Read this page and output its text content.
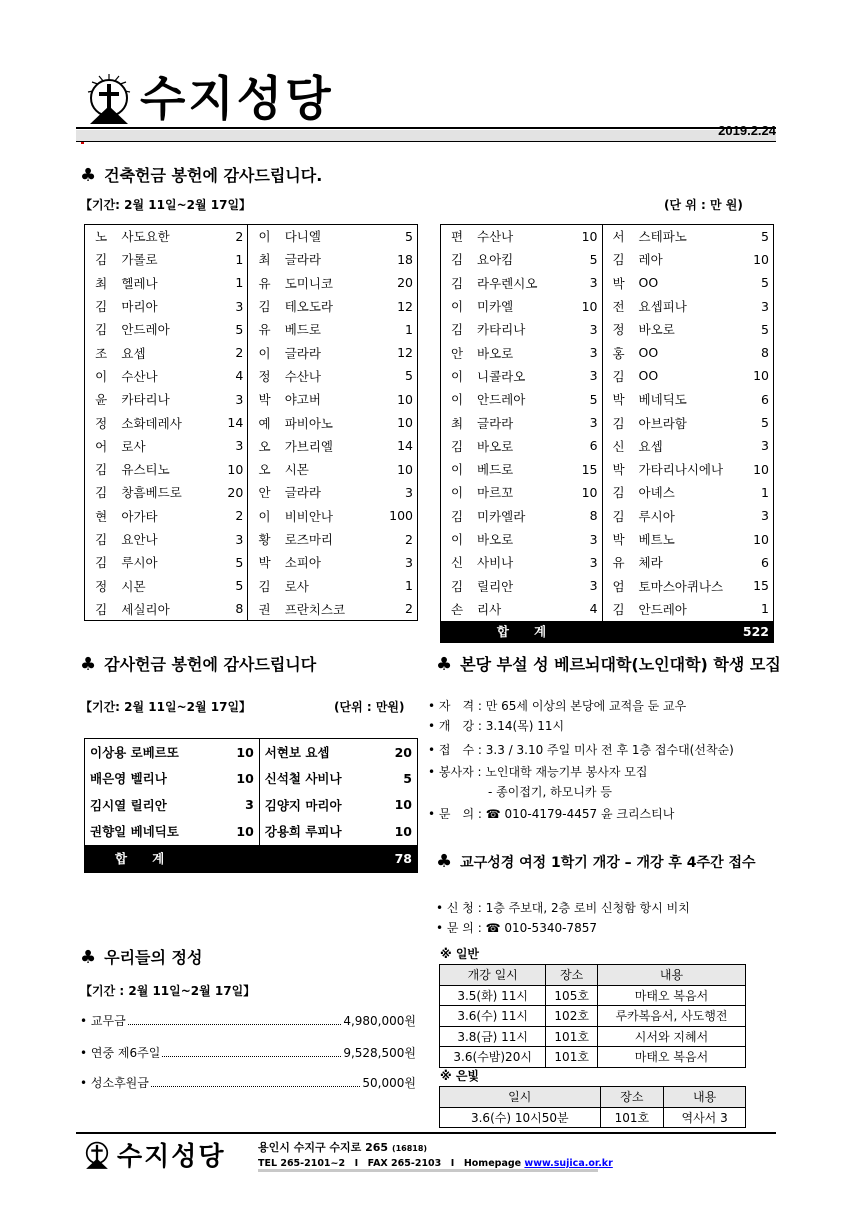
수지성당
2019.2.24
♣ 건축헌금 봉헌에 감사드립니다.
【기간: 2월 11일~2월 17일】	(단 위 : 만 원)
노	사도요한	2	이	다니엘	5
김	가롤로	1	최	글라라	18
최	헬레나	1	유	도미니코	20
김	마리아	3	김	테오도라	12
김	안드레아	5	유	베드로	1
조	요셉	2	이	글라라	12
이	수산나	4	정	수산나	5
윤	카타리나	3	박	야고버	10
정	소화데레사	14	예	파비아노	10
어	로사	3	오	가브리엘	14
김	유스티노	10	오	시몬	10
김	창흠베드로	20	안	글라라	3
현	아가타	2	이	비비안나	100
김	요안나	3	황	로즈마리	2
김	루시아	5	박	소피아	3
정	시몬	5	김	로사	1
김	세실리아	8	권	프란치스코	2
편	수산나	10	서	스테파노	5
김	요아킴	5	김	레아	10
김	라우렌시오	3	박	OO	5
이	미카엘	10	전	요셉피나	3
김	카타리나	3	정	바오로	5
안	바오로	3	홍	OO	8
이	니콜라오	3	김	OO	10
이	안드레아	5	박	베네딕도	6
최	글라라	3	김	아브라함	5
김	바오로	6	신	요셉	3
이	베드로	15	박	가타리나시에나	10
이	마르꼬	10	김	아녜스	1
김	미카엘라	8	김	루시아	3
이	바오로	3	박	베트노	10
신	사비나	3	유	체라	6
김	릴리안	3	엄	토마스아퀴나스	15
손	리사	4	김	안드레아	1
합　　계			522		
♣ 감사헌금 봉헌에 감사드립니다
【기간: 2월 11일~2월 17일】	(단위 : 만원)
이상용 로베르또	10	서현보 요셉	20
배은영 벨리나	10	신석철 사비나	5
김시열 릴리안	3	김양지 마리아	10
권향일 베네딕토	10	강용희 루피나	10
합　　계		78	
♣ 우리들의 정성
【기간 : 2월 11일~2월 17일】
• 교무금	4,980,000원
• 연중 제6주일	9,528,500원
• 성소후원금	50,000원
♣ 본당 부설 성 베르뇌대학(노인대학) 학생 모집
• 자　격 : 만 65세 이상의 본당에 교적을 둔 교우
• 개　강 : 3.14(목) 11시
• 접　수 : 3.3 / 3.10 주일 미사 전 후 1층 접수대(선착순)
• 봉사자 : 노인대학 재능기부 봉사자 모집
　　　　　- 종이접기, 하모니카 등
• 문　의 : ☎ 010-4179-4457 윤 크리스티나
♣ 교구성경 여정 1학기 개강 – 개강 후 4주간 접수
• 신 청 : 1층 주보대, 2층 로비 신청함 항시 비치
• 문 의 : ☎ 010-5340-7857
※ 일반
개강 일시	장소	내용
3.5(화) 11시	105호	마태오 복음서
3.6(수) 11시	102호	루카복음서, 사도행전
3.8(금) 11시	101호	시서와 지혜서
3.6(수밤)20시	101호	마태오 복음서
※ 은빛
일시	장소	내용
3.6(수) 10시50분	101호	역사서 3
수지성당	용인시 수지구 수지로 265 (16818)
TEL 265-2101~2　I　FAX 265-2103　I　Homepage www.sujica.or.kr
